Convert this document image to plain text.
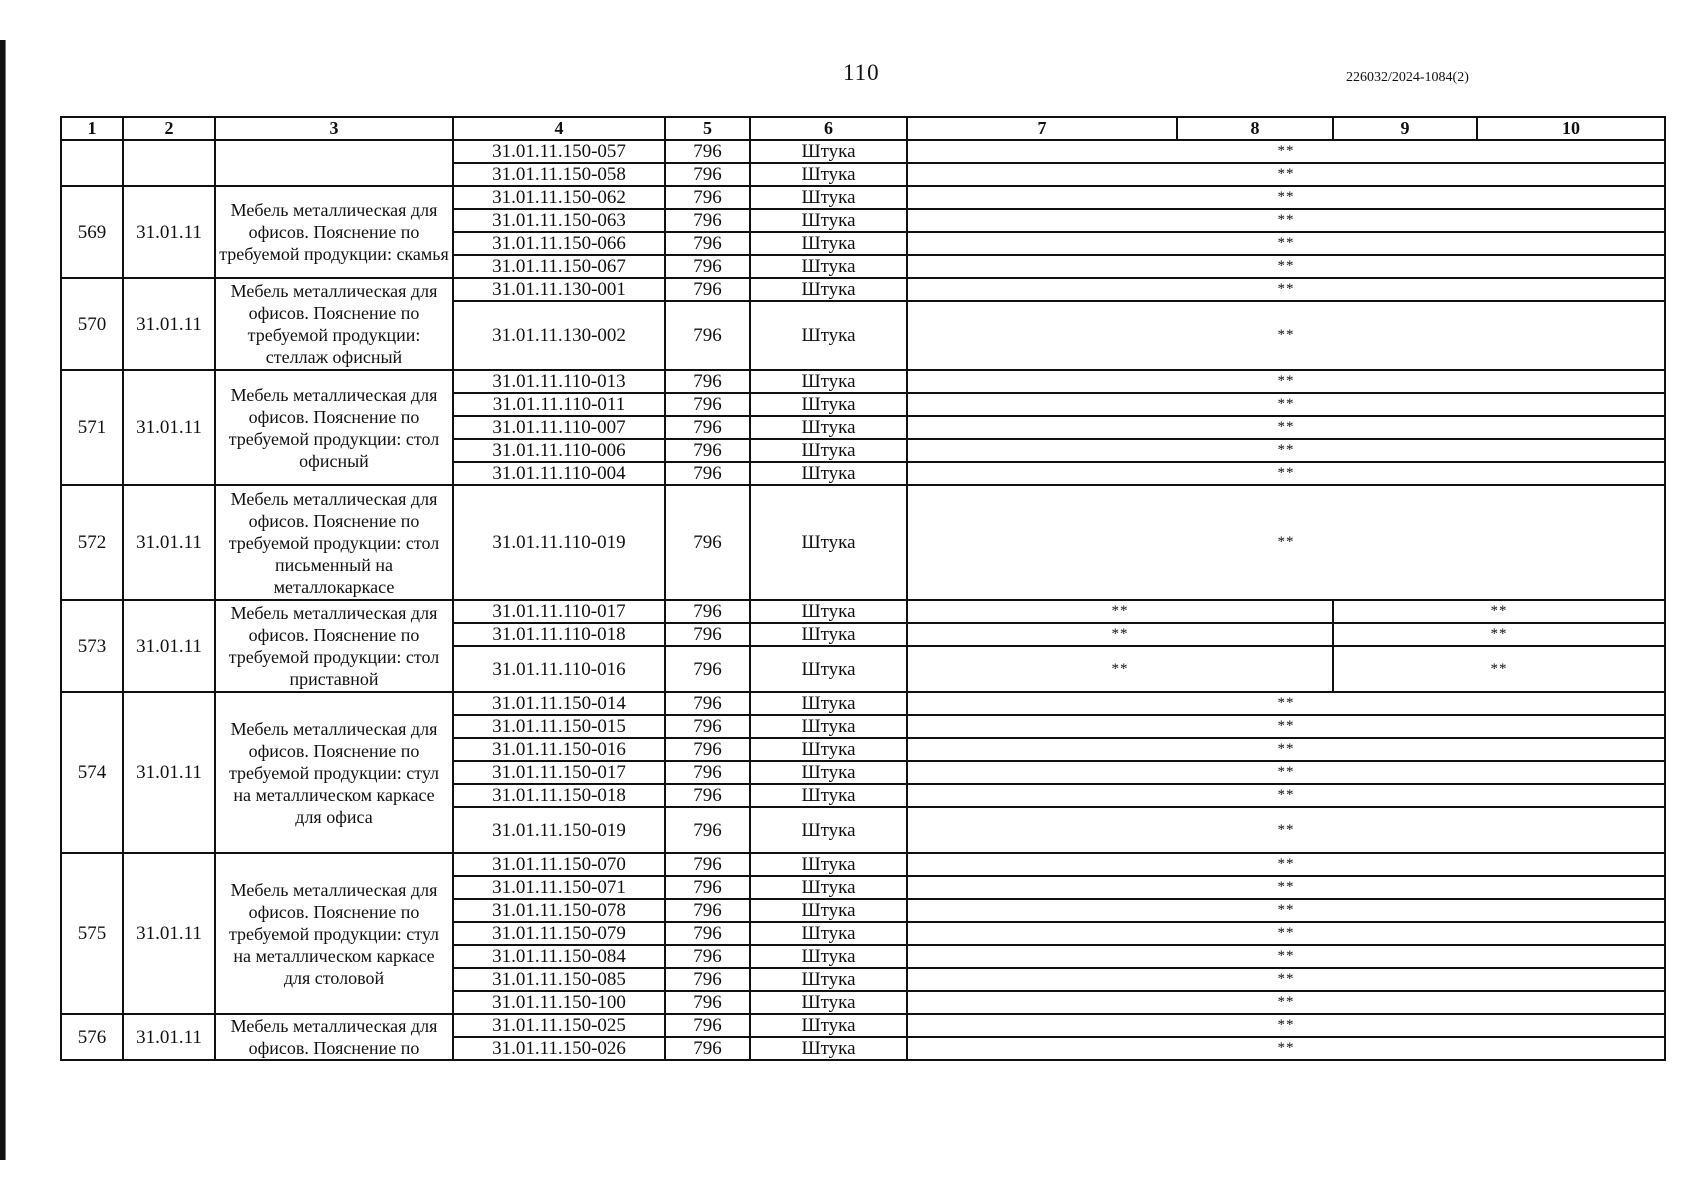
110	226032/2024-1084(2)
1	2	3	4	5	6	7	8	9	10
			31.01.11.150-057	796	Штука	**			
			31.01.11.150-058	796	Штука	**			
569	31.01.11	Мебель металлическая для офисов. Пояснение по требуемой продукции: скамья	31.01.11.150-062	796	Штука	**			
			31.01.11.150-063	796	Штука	**			
			31.01.11.150-066	796	Штука	**			
			31.01.11.150-067	796	Штука	**			
570	31.01.11	Мебель металлическая для офисов. Пояснение по требуемой продукции: стеллаж офисный	31.01.11.130-001	796	Штука	**			
			31.01.11.130-002	796	Штука	**			
571	31.01.11	Мебель металлическая для офисов. Пояснение по требуемой продукции: стол офисный	31.01.11.110-013	796	Штука	**			
			31.01.11.110-011	796	Штука	**			
			31.01.11.110-007	796	Штука	**			
			31.01.11.110-006	796	Штука	**			
			31.01.11.110-004	796	Штука	**			
572	31.01.11	Мебель металлическая для офисов. Пояснение по требуемой продукции: стол письменный на металлокаркасе	31.01.11.110-019	796	Штука	**			
573	31.01.11	Мебель металлическая для офисов. Пояснение по требуемой продукции: стол приставной	31.01.11.110-017	796	Штука	**		**	
			31.01.11.110-018	796	Штука	**		**	
			31.01.11.110-016	796	Штука	**		**	
574	31.01.11	Мебель металлическая для офисов. Пояснение по требуемой продукции: стул на металлическом каркасе для офиса	31.01.11.150-014	796	Штука	**			
			31.01.11.150-015	796	Штука	**			
			31.01.11.150-016	796	Штука	**			
			31.01.11.150-017	796	Штука	**			
			31.01.11.150-018	796	Штука	**			
			31.01.11.150-019	796	Штука	**			
575	31.01.11	Мебель металлическая для офисов. Пояснение по требуемой продукции: стул на металлическом каркасе для столовой	31.01.11.150-070	796	Штука	**			
			31.01.11.150-071	796	Штука	**			
			31.01.11.150-078	796	Штука	**			
			31.01.11.150-079	796	Штука	**			
			31.01.11.150-084	796	Штука	**			
			31.01.11.150-085	796	Штука	**			
			31.01.11.150-100	796	Штука	**			
576	31.01.11	Мебель металлическая для офисов. Пояснение по	31.01.11.150-025	796	Штука	**			
			31.01.11.150-026	796	Штука	**			
